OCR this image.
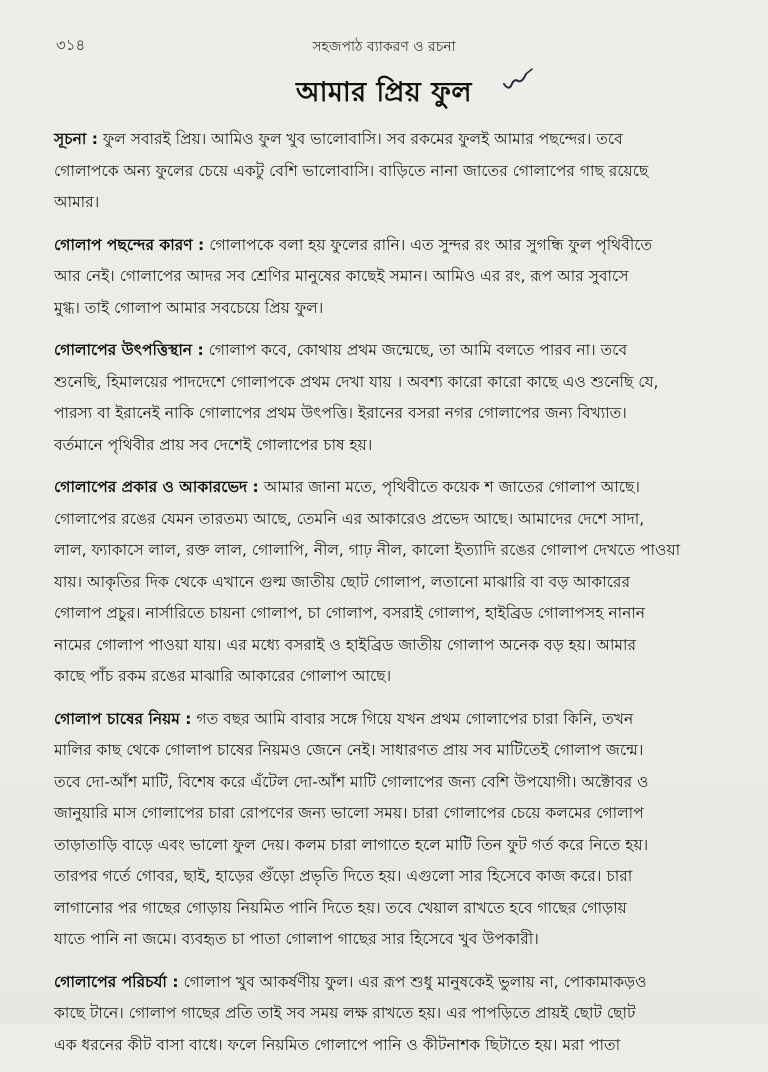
৩১৪	সহজপাঠ ব্যাকরণ ও রচনা
আমার প্রিয় ফুল

সূচনা : ফুল সবারই প্রিয়। আমিও ফুল খুব ভালোবাসি। সব রকমের ফুলই আমার পছন্দের। তবে
গোলাপকে অন্য ফুলের চেয়ে একটু বেশি ভালোবাসি। বাড়িতে নানা জাতের গোলাপের গাছ রয়েছে
আমার।

গোলাপ পছন্দের কারণ : গোলাপকে বলা হয় ফুলের রানি। এত সুন্দর রং আর সুগন্ধি ফুল পৃথিবীতে
আর নেই। গোলাপের আদর সব শ্রেণির মানুষের কাছেই সমান। আমিও এর রং, রূপ আর সুবাসে
মুগ্ধ। তাই গোলাপ আমার সবচেয়ে প্রিয় ফুল।

গোলাপের উৎপত্তিস্থান : গোলাপ কবে, কোথায় প্রথম জন্মেছে, তা আমি বলতে পারব না। তবে
শুনেছি, হিমালয়ের পাদদেশে গোলাপকে প্রথম দেখা যায় । অবশ্য কারো কারো কাছে এও শুনেছি যে,
পারস্য বা ইরানেই নাকি গোলাপের প্রথম উৎপত্তি। ইরানের বসরা নগর গোলাপের জন্য বিখ্যাত।
বর্তমানে পৃথিবীর প্রায় সব দেশেই গোলাপের চাষ হয়।

গোলাপের প্রকার ও আকারভেদ : আমার জানা মতে, পৃথিবীতে কয়েক শ জাতের গোলাপ আছে।
গোলাপের রঙের যেমন তারতম্য আছে, তেমনি এর আকারেও প্রভেদ আছে। আমাদের দেশে সাদা,
লাল, ফ্যাকাসে লাল, রক্ত লাল, গোলাপি, নীল, গাঢ় নীল, কালো ইত্যাদি রঙের গোলাপ দেখতে পাওয়া
যায়। আকৃতির দিক থেকে এখানে গুল্ম জাতীয় ছোট গোলাপ, লতানো মাঝারি বা বড় আকারের
গোলাপ প্রচুর। নার্সারিতে চায়না গোলাপ, চা গোলাপ, বসরাই গোলাপ, হাইব্রিড গোলাপসহ নানান
নামের গোলাপ পাওয়া যায়। এর মধ্যে বসরাই ও হাইব্রিড জাতীয় গোলাপ অনেক বড় হয়। আমার
কাছে পাঁচ রকম রঙের মাঝারি আকারের গোলাপ আছে।

গোলাপ চাষের নিয়ম : গত বছর আমি বাবার সঙ্গে গিয়ে যখন প্রথম গোলাপের চারা কিনি, তখন
মালির কাছ থেকে গোলাপ চাষের নিয়মও জেনে নেই। সাধারণত প্রায় সব মাটিতেই গোলাপ জন্মে।
তবে দো-আঁশ মাটি, বিশেষ করে এঁটেল দো-আঁশ মাটি গোলাপের জন্য বেশি উপযোগী। অক্টোবর ও
জানুয়ারি মাস গোলাপের চারা রোপণের জন্য ভালো সময়। চারা গোলাপের চেয়ে কলমের গোলাপ
তাড়াতাড়ি বাড়ে এবং ভালো ফুল দেয়। কলম চারা লাগাতে হলে মাটি তিন ফুট গর্ত করে নিতে হয়।
তারপর গর্তে গোবর, ছাই, হাড়ের গুঁড়ো প্রভৃতি দিতে হয়। এগুলো সার হিসেবে কাজ করে। চারা
লাগানোর পর গাছের গোড়ায় নিয়মিত পানি দিতে হয়। তবে খেয়াল রাখতে হবে গাছের গোড়ায়
যাতে পানি না জমে। ব্যবহৃত চা পাতা গোলাপ গাছের সার হিসেবে খুব উপকারী।

গোলাপের পরিচর্যা : গোলাপ খুব আকর্ষণীয় ফুল। এর রূপ শুধু মানুষকেই ভুলায় না, পোকামাকড়ও
কাছে টানে। গোলাপ গাছের প্রতি তাই সব সময় লক্ষ রাখতে হয়। এর পাপড়িতে প্রায়ই ছোট ছোট
এক ধরনের কীট বাসা বাধে। ফলে নিয়মিত গোলাপে পানি ও কীটনাশক ছিটাতে হয়। মরা পাতা
